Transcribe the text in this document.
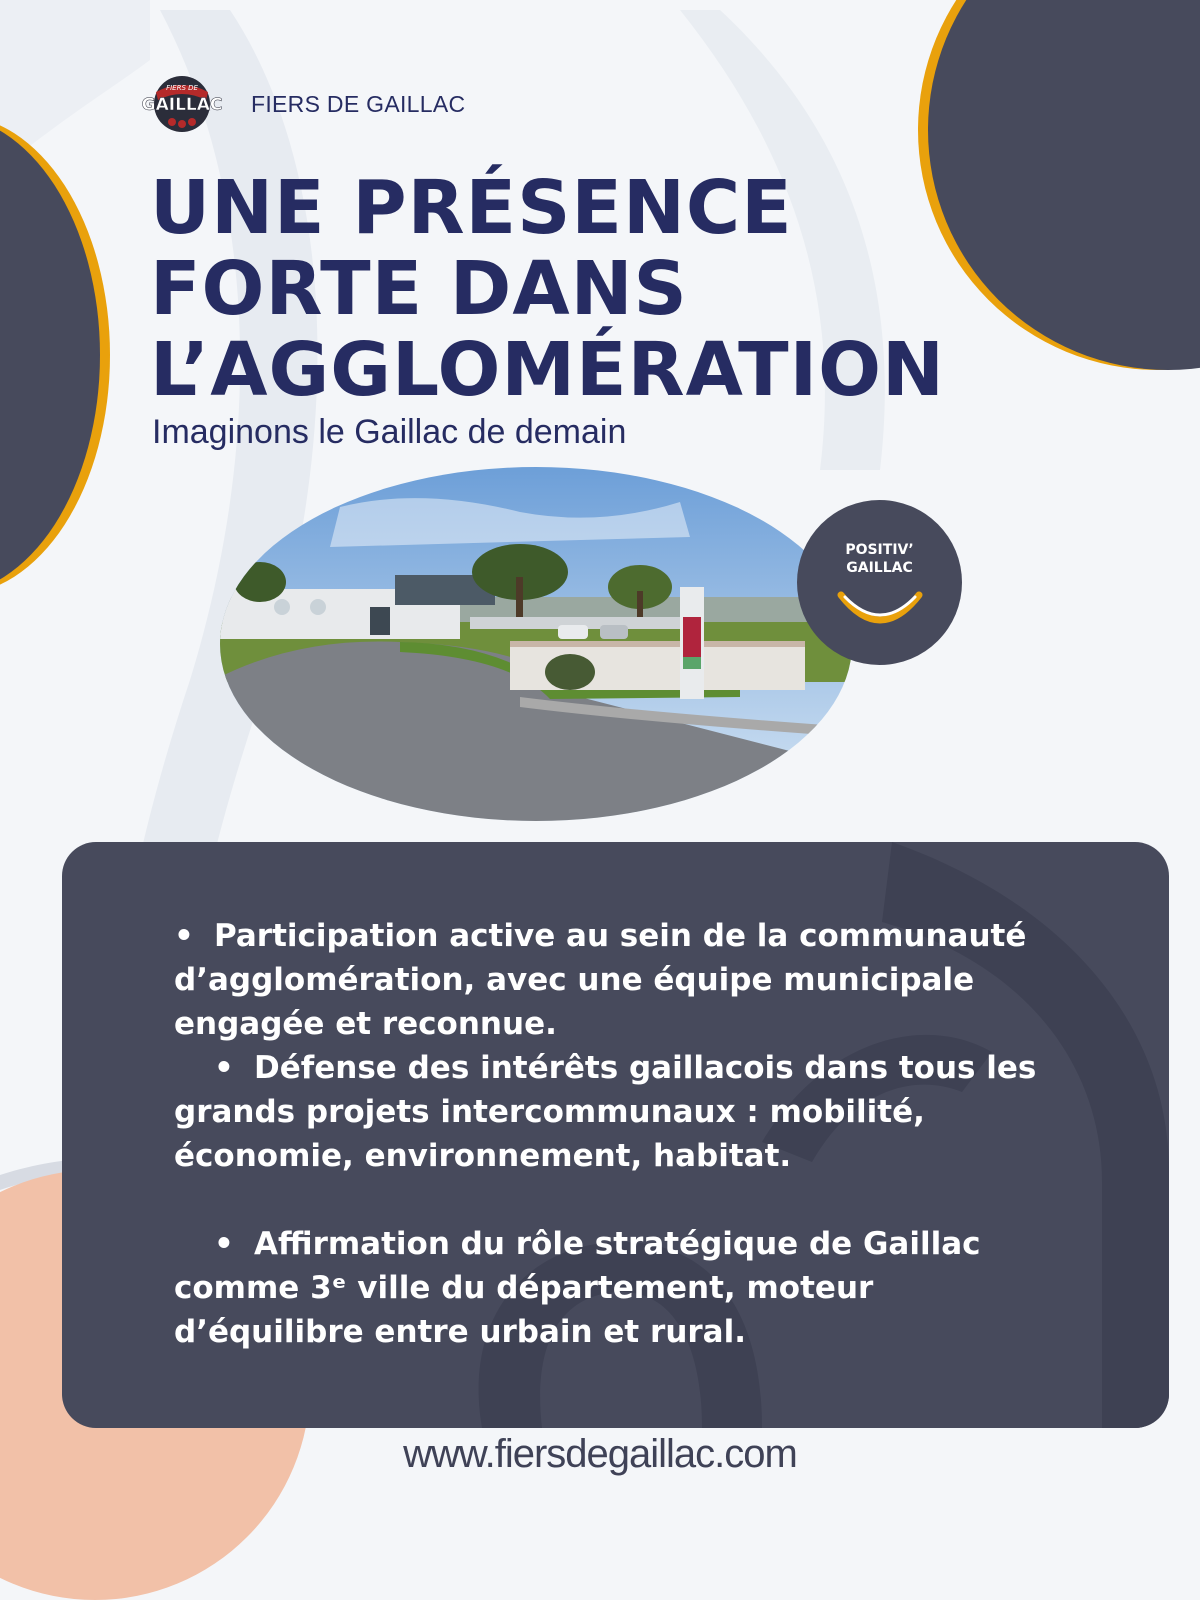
FIERS DE
GAILLAC FIERS DE GAILLAC
UNE PRÉSENCE
FORTE DANS
L’AGGLOMÉRATION
Imaginons le Gaillac de demain
POSITIV’
GAILLAC

• Participation active au sein de la communauté d’agglomération, avec une équipe municipale engagée et reconnue.

• Défense des intérêts gaillacois dans tous les grands projets intercommunaux : mobilité, économie, environnement, habitat.

• Affirmation du rôle stratégique de Gaillac comme 3ᵉ ville du département, moteur d’équilibre entre urbain et rural.

www.fiersdegaillac.com
